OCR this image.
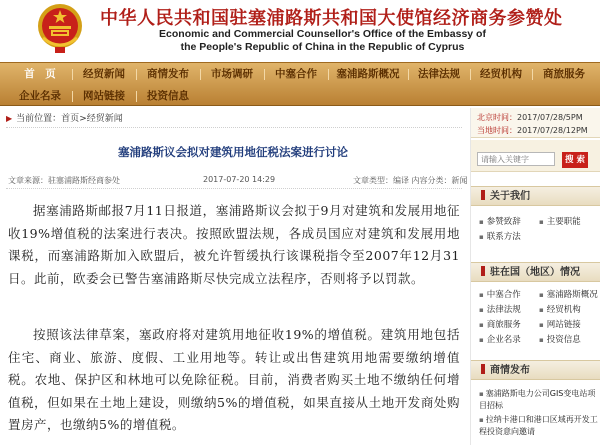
中华人民共和国驻塞浦路斯共和国大使馆经济商务参赞处
Economic and Commercial Counsellor's Office of the Embassy of
the People's Republic of China in the Republic of Cyprus
首　页	经贸新闻	商情发布	市场调研	中塞合作	塞浦路斯概况	法律法规	经贸机构	商旅服务
企业名录	网站链接	投资信息
▶ 当前位置：首页>经贸新闻
塞浦路斯议会拟对建筑用地征税法案进行讨论
文章来源：驻塞浦路斯经商参处	2017-07-20 14:29	文章类型：编译 内容分类：新闻

据塞浦路斯邮报7月11日报道，塞浦路斯议会拟于9月对建筑和发展用地征收19%增值税的法案进行表决。按照欧盟法规，各成员国应对建筑和发展用地课税，而塞浦路斯加入欧盟后，被允许暂缓执行该课税指令至2007年12月31日。此前，欧委会已警告塞浦路斯尽快完成立法程序，否则将予以罚款。

按照该法律草案，塞政府将对建筑用地征收19%的增值税。建筑用地包括住宅、商业、旅游、度假、工业用地等。转让或出售建筑用地需要缴纳增值税。农地、保护区和林地可以免除征税。目前，消费者购买土地不缴纳任何增值税，但如果在土地上建设，则缴纳5%的增值税，如果直接从土地开发商处购置房产，也缴纳5%的增值税。

北京时间：2017/07/28/5PM
当地时间：2017/07/28/12PM
请输入关键字
搜 索
关于我们
▪ 参赞致辞	▪ 主要职能
▪ 联系方法
驻在国（地区）情况
▪ 中塞合作	▪ 塞浦路斯概况
▪ 法律法规	▪ 经贸机构
▪ 商旅服务	▪ 网站链接
▪ 企业名录	▪ 投资信息
商情发布
▪ 塞浦路斯电力公司GIS变电站项目招标
▪ 拉纳卡港口和港口区域再开发工程投资意向邀请
